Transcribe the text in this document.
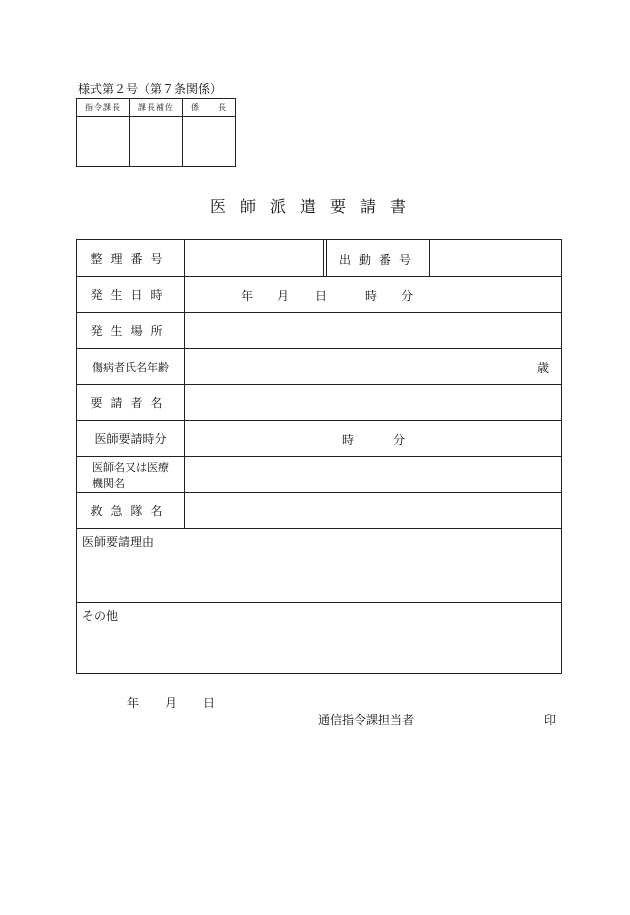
様式第２号（第７条関係）
指令課長	課長補佐	係　　長
医師派遣要請書
整理番号	出動番号
発生日時	年 月 日	時 分
発生場所
傷病者氏名年齢	歳
要請者名
医師要請時分	時	分
医師名又は医療
機関名
救急隊名
医師要請理由
その他
年 月 日
通信指令課担当者	印
